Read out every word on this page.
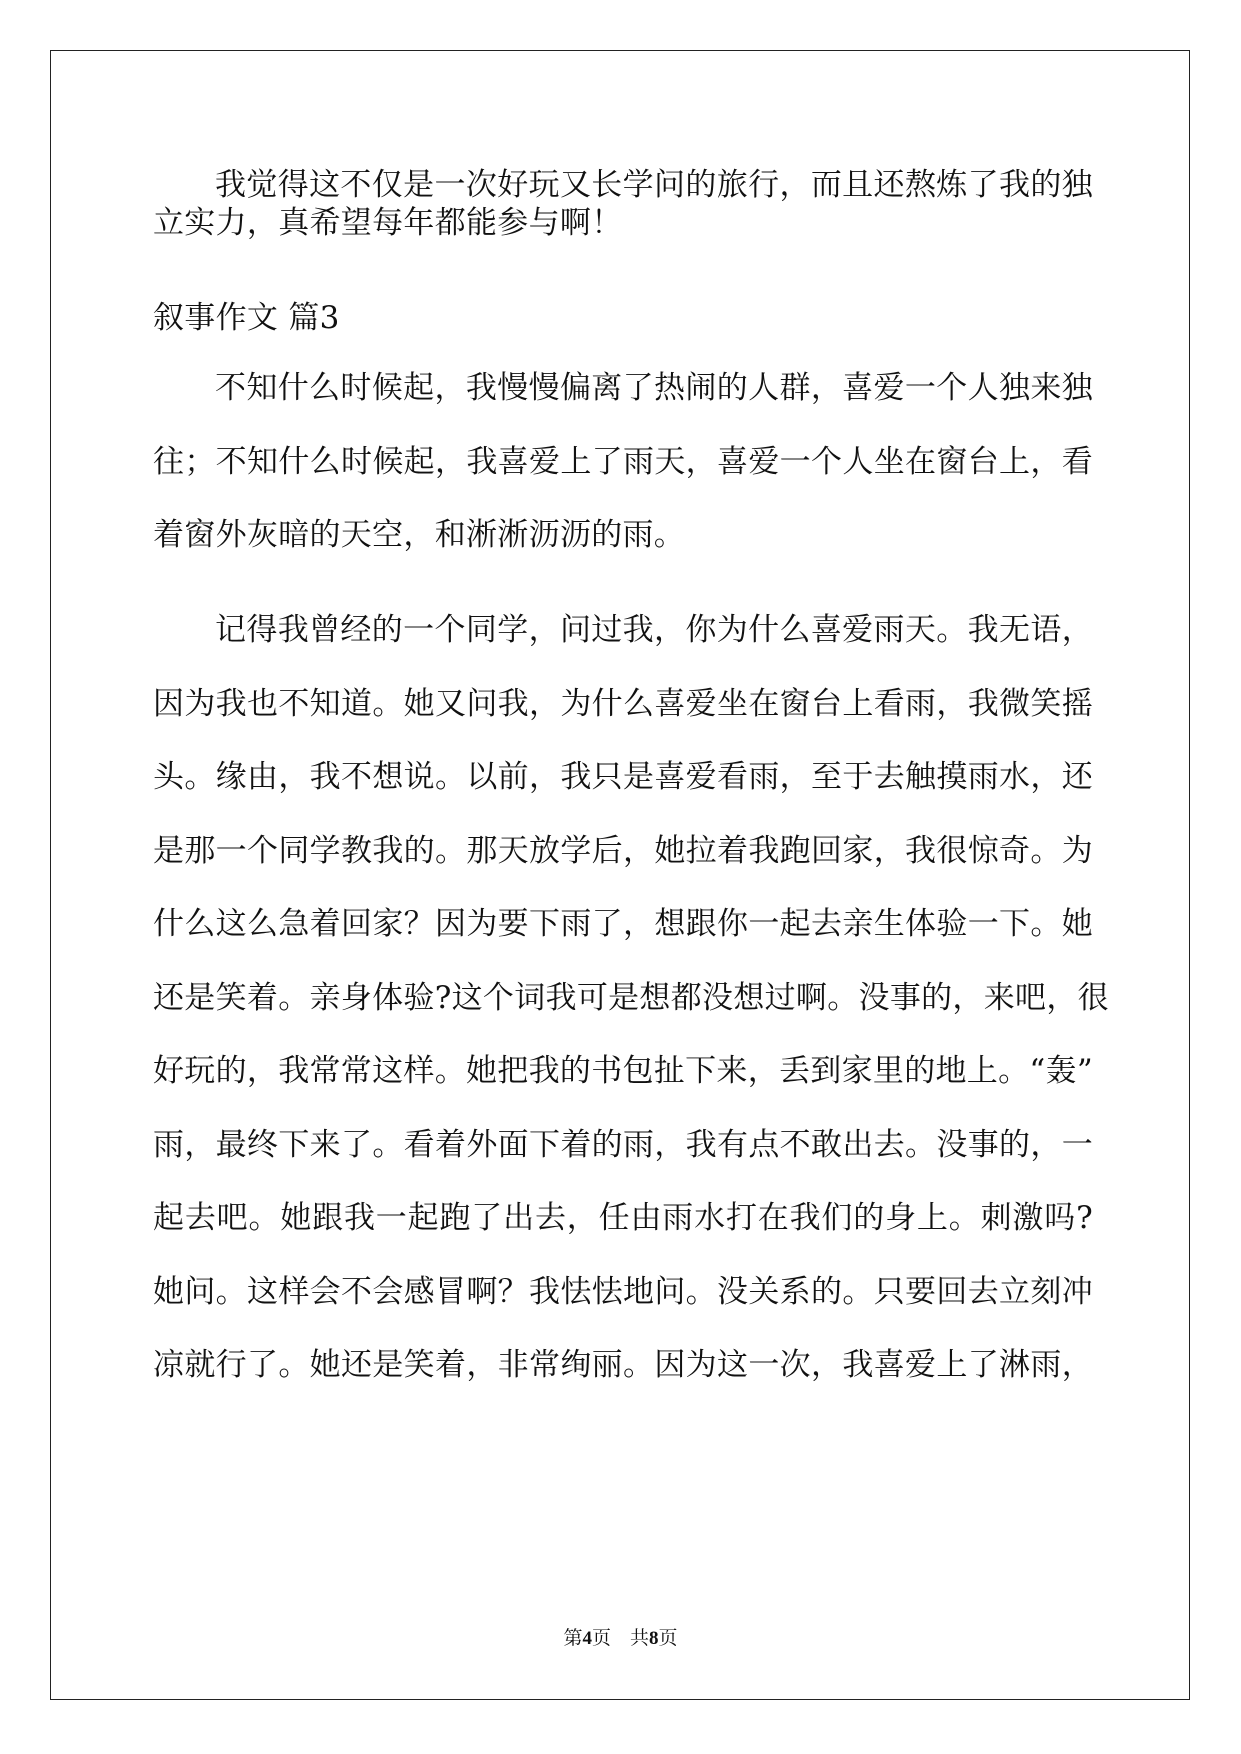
我觉得这不仅是一次好玩又长学问的旅行，而且还熬炼了我的独
立实力，真希望每年都能参与啊！
叙事作文 篇3
不知什么时候起，我慢慢偏离了热闹的人群，喜爱一个人独来独
往；不知什么时候起，我喜爱上了雨天，喜爱一个人坐在窗台上，看
着窗外灰暗的天空，和淅淅沥沥的雨。
记得我曾经的一个同学，问过我，你为什么喜爱雨天。我无语，
因为我也不知道。她又问我，为什么喜爱坐在窗台上看雨，我微笑摇
头。缘由，我不想说。以前，我只是喜爱看雨，至于去触摸雨水，还
是那一个同学教我的。那天放学后，她拉着我跑回家，我很惊奇。为
什么这么急着回家？因为要下雨了，想跟你一起去亲生体验一下。她
还是笑着。亲身体验?这个词我可是想都没想过啊。没事的，来吧，很
好玩的，我常常这样。她把我的书包扯下来，丢到家里的地上。“轰”
雨，最终下来了。看着外面下着的雨，我有点不敢出去。没事的，一
起去吧。她跟我一起跑了出去，任由雨水打在我们的身上。刺激吗?
她问。这样会不会感冒啊？我怯怯地问。没关系的。只要回去立刻冲
凉就行了。她还是笑着，非常绚丽。因为这一次，我喜爱上了淋雨，
第4页　共8页
